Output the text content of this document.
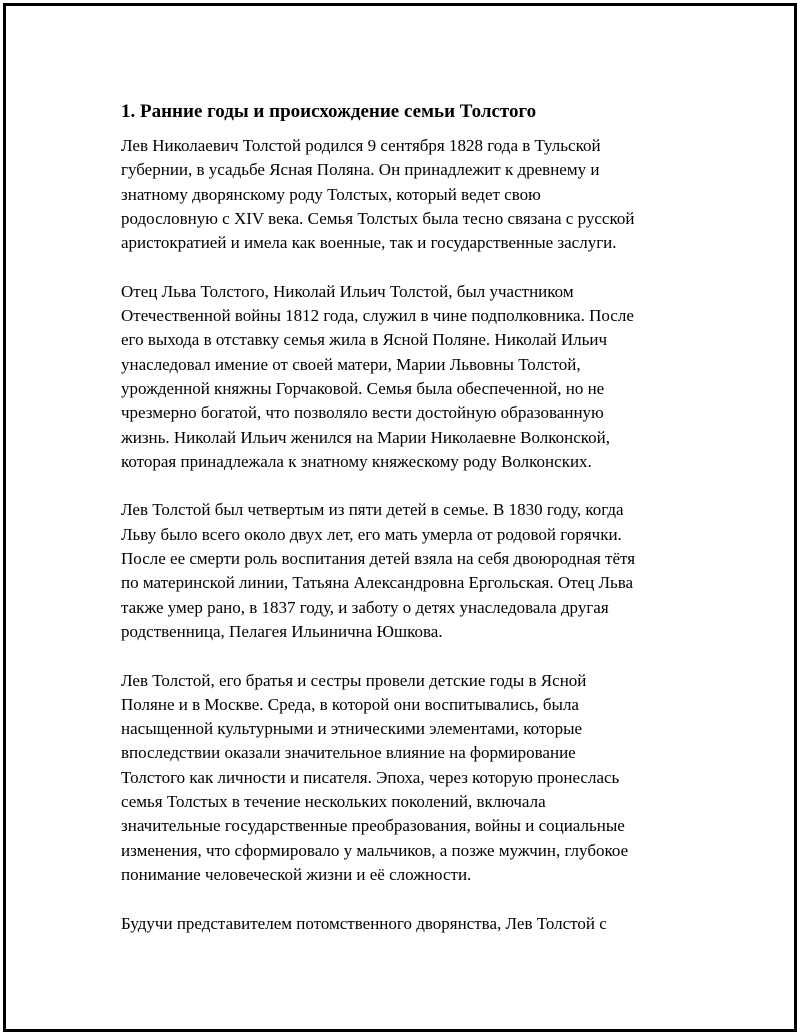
1. Ранние годы и происхождение семьи Толстого

Лев Николаевич Толстой родился 9 сентября 1828 года в Тульской
губернии, в усадьбе Ясная Поляна. Он принадлежит к древнему и
знатному дворянскому роду Толстых, который ведет свою
родословную с XIV века. Семья Толстых была тесно связана с русской
аристократией и имела как военные, так и государственные заслуги.

Отец Льва Толстого, Николай Ильич Толстой, был участником
Отечественной войны 1812 года, служил в чине подполковника. После
его выхода в отставку семья жила в Ясной Поляне. Николай Ильич
унаследовал имение от своей матери, Марии Львовны Толстой,
урожденной княжны Горчаковой. Семья была обеспеченной, но не
чрезмерно богатой, что позволяло вести достойную образованную
жизнь. Николай Ильич женился на Марии Николаевне Волконской,
которая принадлежала к знатному княжескому роду Волконских.

Лев Толстой был четвертым из пяти детей в семье. В 1830 году, когда
Льву было всего около двух лет, его мать умерла от родовой горячки.
После ее смерти роль воспитания детей взяла на себя двоюродная тётя
по материнской линии, Татьяна Александровна Ергольская. Отец Льва
также умер рано, в 1837 году, и заботу о детях унаследовала другая
родственница, Пелагея Ильинична Юшкова.

Лев Толстой, его братья и сестры провели детские годы в Ясной
Поляне и в Москве. Среда, в которой они воспитывались, была
насыщенной культурными и этническими элементами, которые
впоследствии оказали значительное влияние на формирование
Толстого как личности и писателя. Эпоха, через которую пронеслась
семья Толстых в течение нескольких поколений, включала
значительные государственные преобразования, войны и социальные
изменения, что сформировало у мальчиков, а позже мужчин, глубокое
понимание человеческой жизни и её сложности.

Будучи представителем потомственного дворянства, Лев Толстой с
